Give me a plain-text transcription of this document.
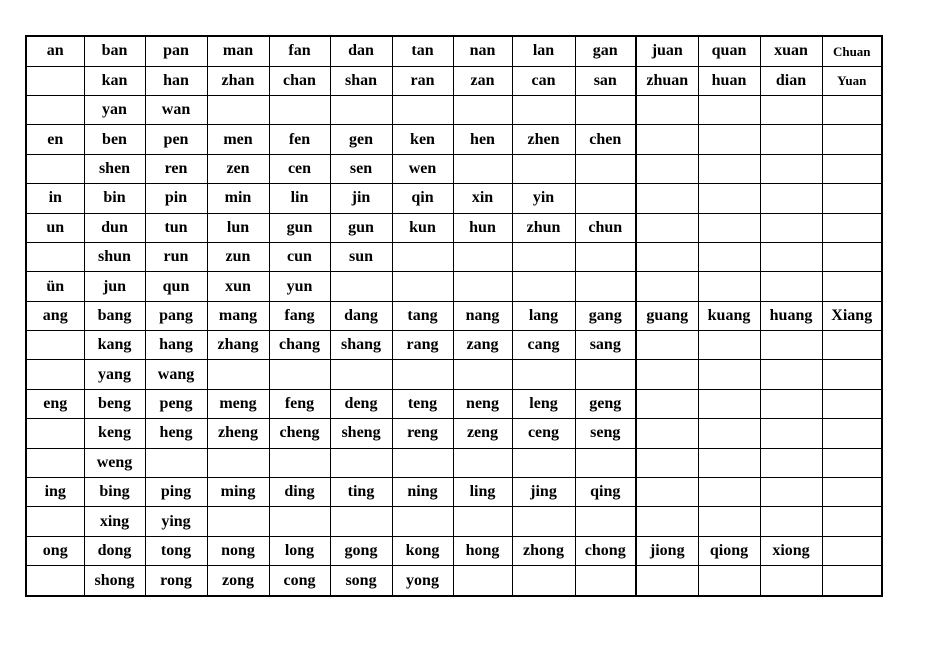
an	ban	pan	man	fan	dan	tan	nan	lan	gan	juan	quan	xuan	Chuan
	kan	han	zhan	chan	shan	ran	zan	can	san	zhuan	huan	dian	Yuan
	yan	wan											
en	ben	pen	men	fen	gen	ken	hen	zhen	chen				
	shen	ren	zen	cen	sen	wen							
in	bin	pin	min	lin	jin	qin	xin	yin					
un	dun	tun	lun	gun	gun	kun	hun	zhun	chun				
	shun	run	zun	cun	sun								
ün	jun	qun	xun	yun									
ang	bang	pang	mang	fang	dang	tang	nang	lang	gang	guang	kuang	huang	Xiang
	kang	hang	zhang	chang	shang	rang	zang	cang	sang				
	yang	wang											
eng	beng	peng	meng	feng	deng	teng	neng	leng	geng				
	keng	heng	zheng	cheng	sheng	reng	zeng	ceng	seng				
	weng												
ing	bing	ping	ming	ding	ting	ning	ling	jing	qing				
	xing	ying											
ong	dong	tong	nong	long	gong	kong	hong	zhong	chong	jiong	qiong	xiong	
	shong	rong	zong	cong	song	yong							
